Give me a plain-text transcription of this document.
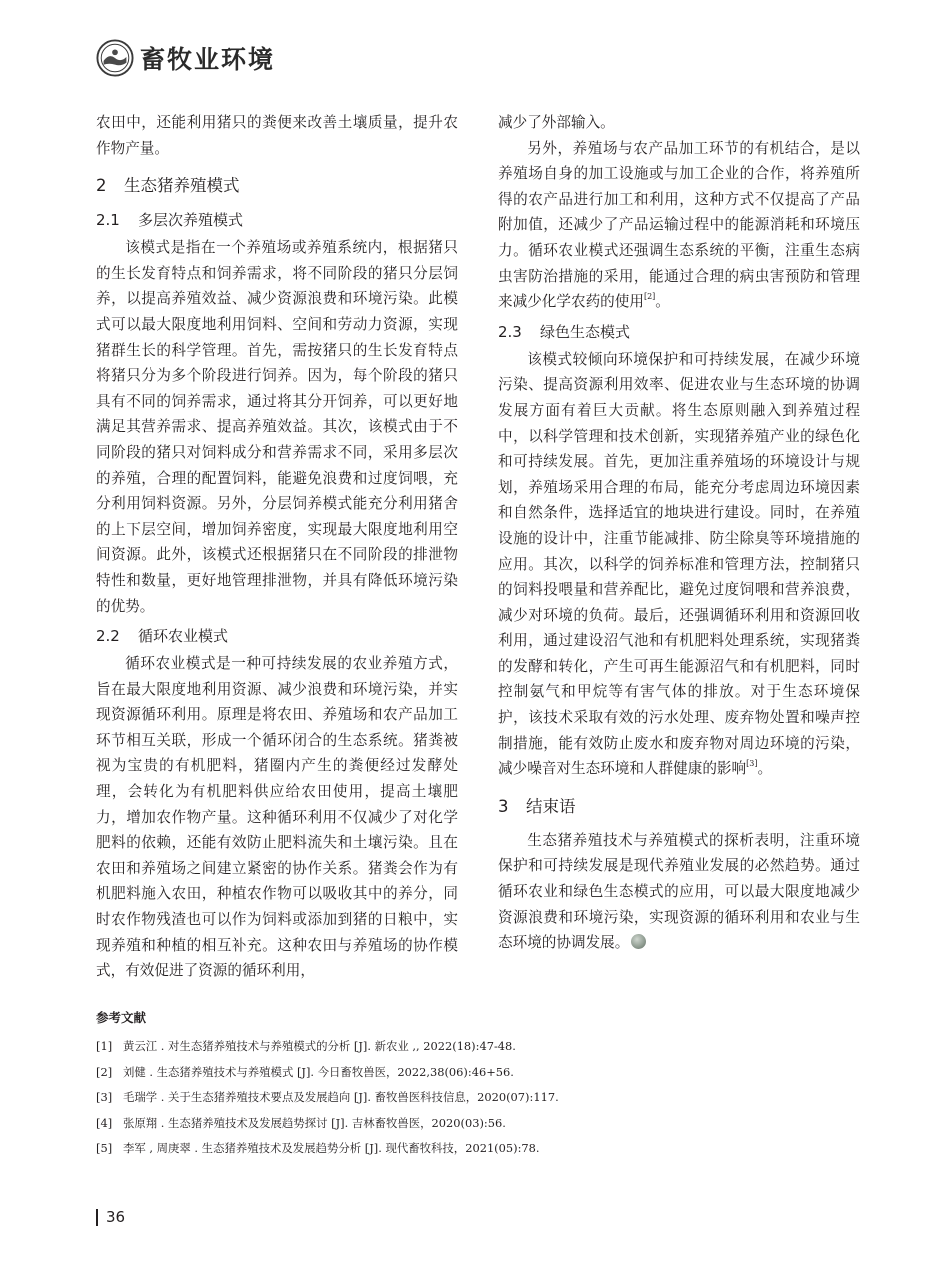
畜牧业环境

农田中，还能利用猪只的粪便来改善土壤质量，提升农作物产量。

2 生态猪养殖模式
2.1 多层次养殖模式

该模式是指在一个养殖场或养殖系统内，根据猪只的生长发育特点和饲养需求，将不同阶段的猪只分层饲养，以提高养殖效益、减少资源浪费和环境污染。此模式可以最大限度地利用饲料、空间和劳动力资源，实现猪群生长的科学管理。首先，需按猪只的生长发育特点将猪只分为多个阶段进行饲养。因为，每个阶段的猪只具有不同的饲养需求，通过将其分开饲养，可以更好地满足其营养需求、提高养殖效益。其次，该模式由于不同阶段的猪只对饲料成分和营养需求不同，采用多层次的养殖，合理的配置饲料，能避免浪费和过度饲喂，充分利用饲料资源。另外，分层饲养模式能充分利用猪舍的上下层空间，增加饲养密度，实现最大限度地利用空间资源。此外，该模式还根据猪只在不同阶段的排泄物特性和数量，更好地管理排泄物，并具有降低环境污染的优势。

2.2 循环农业模式

循环农业模式是一种可持续发展的农业养殖方式，旨在最大限度地利用资源、减少浪费和环境污染，并实现资源循环利用。原理是将农田、养殖场和农产品加工环节相互关联，形成一个循环闭合的生态系统。猪粪被视为宝贵的有机肥料，猪圈内产生的粪便经过发酵处理，会转化为有机肥料供应给农田使用，提高土壤肥力，增加农作物产量。这种循环利用不仅减少了对化学肥料的依赖，还能有效防止肥料流失和土壤污染。且在农田和养殖场之间建立紧密的协作关系。猪粪会作为有机肥料施入农田，种植农作物可以吸收其中的养分，同时农作物残渣也可以作为饲料或添加到猪的日粮中，实现养殖和种植的相互补充。这种农田与养殖场的协作模式，有效促进了资源的循环利用，

减少了外部输入。

另外，养殖场与农产品加工环节的有机结合，是以养殖场自身的加工设施或与加工企业的合作，将养殖所得的农产品进行加工和利用，这种方式不仅提高了产品附加值，还减少了产品运输过程中的能源消耗和环境压力。循环农业模式还强调生态系统的平衡，注重生态病虫害防治措施的采用，能通过合理的病虫害预防和管理来减少化学农药的使用[2]。

2.3 绿色生态模式

该模式较倾向环境保护和可持续发展，在减少环境污染、提高资源利用效率、促进农业与生态环境的协调发展方面有着巨大贡献。将生态原则融入到养殖过程中，以科学管理和技术创新，实现猪养殖产业的绿色化和可持续发展。首先，更加注重养殖场的环境设计与规划，养殖场采用合理的布局，能充分考虑周边环境因素和自然条件，选择适宜的地块进行建设。同时，在养殖设施的设计中，注重节能减排、防尘除臭等环境措施的应用。其次，以科学的饲养标准和管理方法，控制猪只的饲料投喂量和营养配比，避免过度饲喂和营养浪费，减少对环境的负荷。最后，还强调循环利用和资源回收利用，通过建设沼气池和有机肥料处理系统，实现猪粪的发酵和转化，产生可再生能源沼气和有机肥料，同时控制氨气和甲烷等有害气体的排放。对于生态环境保护，该技术采取有效的污水处理、废弃物处置和噪声控制措施，能有效防止废水和废弃物对周边环境的污染，减少噪音对生态环境和人群健康的影响[3]。

3 结束语

生态猪养殖技术与养殖模式的探析表明，注重环境保护和可持续发展是现代养殖业发展的必然趋势。通过循环农业和绿色生态模式的应用，可以最大限度地减少资源浪费和环境污染，实现资源的循环利用和农业与生态环境的协调发展。

参考文献
[1] 黄云江 . 对生态猪养殖技术与养殖模式的分析 [J]. 新农业 ,, 2022(18):47-48.
[2] 刘健 . 生态猪养殖技术与养殖模式 [J]. 今日畜牧兽医，2022,38(06):46+56.
[3] 毛瑞学 . 关于生态猪养殖技术要点及发展趋向 [J]. 畜牧兽医科技信息，2020(07):117.
[4] 张原翔 . 生态猪养殖技术及发展趋势探讨 [J]. 吉林畜牧兽医，2020(03):56.
[5] 李军 , 周庚翠 . 生态猪养殖技术及发展趋势分析 [J]. 现代畜牧科技，2021(05):78.
36
